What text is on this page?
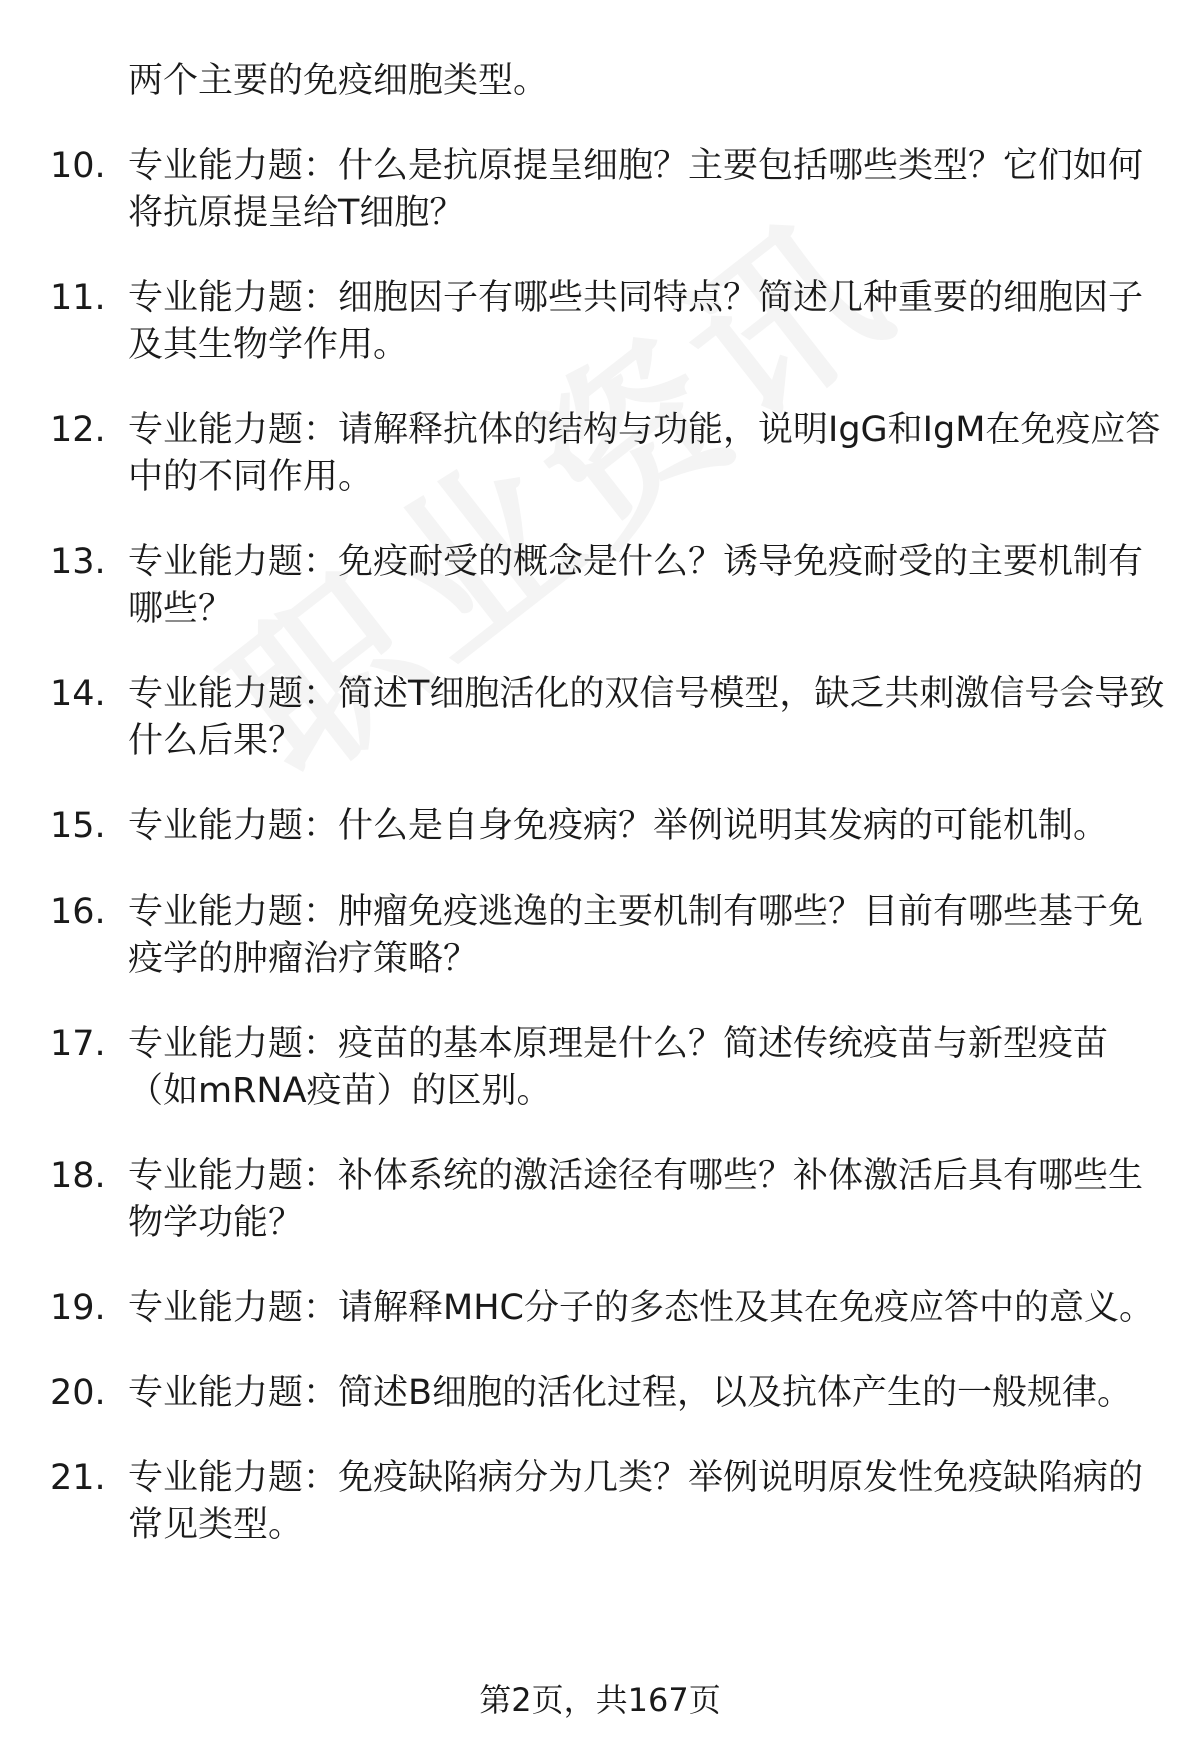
两个主要的免疫细胞类型。
10. 专业能力题：什么是抗原提呈细胞？主要包括哪些类型？它们如何将抗原提呈给T细胞？
11. 专业能力题：细胞因子有哪些共同特点？简述几种重要的细胞因子及其生物学作用。
12. 专业能力题：请解释抗体的结构与功能，说明IgG和IgM在免疫应答中的不同作用。
13. 专业能力题：免疫耐受的概念是什么？诱导免疫耐受的主要机制有哪些？
14. 专业能力题：简述T细胞活化的双信号模型，缺乏共刺激信号会导致什么后果？
15. 专业能力题：什么是自身免疫病？举例说明其发病的可能机制。
16. 专业能力题：肿瘤免疫逃逸的主要机制有哪些？目前有哪些基于免疫学的肿瘤治疗策略？
17. 专业能力题：疫苗的基本原理是什么？简述传统疫苗与新型疫苗（如mRNA疫苗）的区别。
18. 专业能力题：补体系统的激活途径有哪些？补体激活后具有哪些生物学功能？
19. 专业能力题：请解释MHC分子的多态性及其在免疫应答中的意义。
20. 专业能力题：简述B细胞的活化过程，以及抗体产生的一般规律。
21. 专业能力题：免疫缺陷病分为几类？举例说明原发性免疫缺陷病的常见类型。
第2页，共167页
